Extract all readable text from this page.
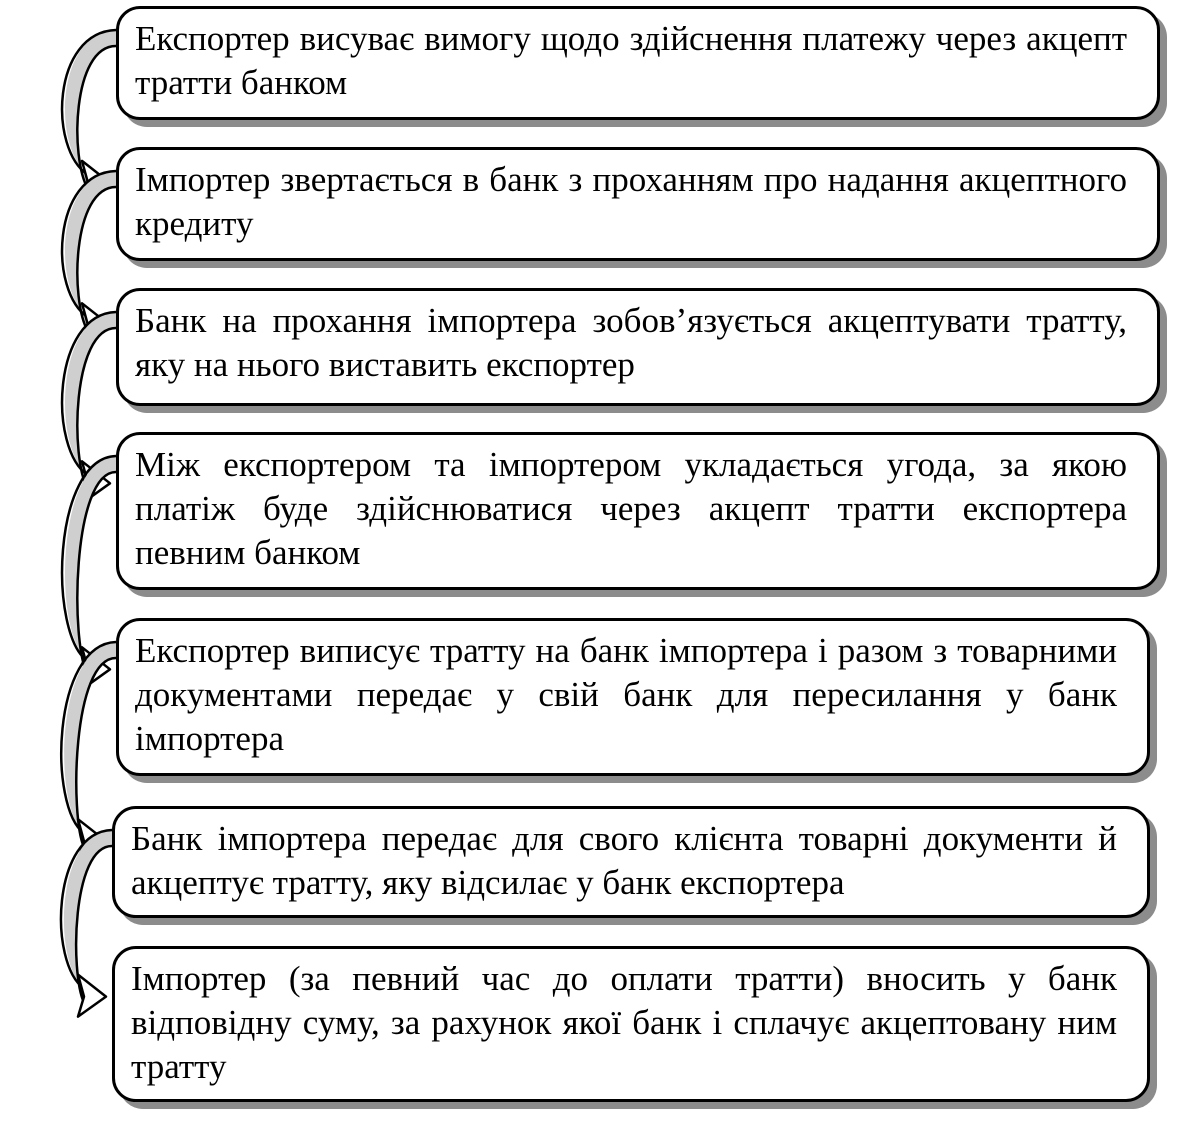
Експортер висуває вимогу щодо здійснення платежу через акцепт тратти банком
Імпортер звертається в банк з проханням про надання акцептного кредиту
Банк на прохання імпортера зобов’язується акцептувати тратту, яку на нього виставить експортер
Між експортером та імпортером укладається угода, за якою платіж буде здійснюватися через акцепт тратти експортера певним банком
Експортер виписує тратту на банк імпортера і разом з товарними документами передає у свій банк для пересилання у банк імпортера
Банк імпортера передає для свого клієнта товарні документи й акцептує тратту, яку відсилає у банк експортера
Імпортер (за певний час до оплати тратти) вносить у банк відповідну суму, за рахунок якої банк і сплачує акцептовану ним тратту
